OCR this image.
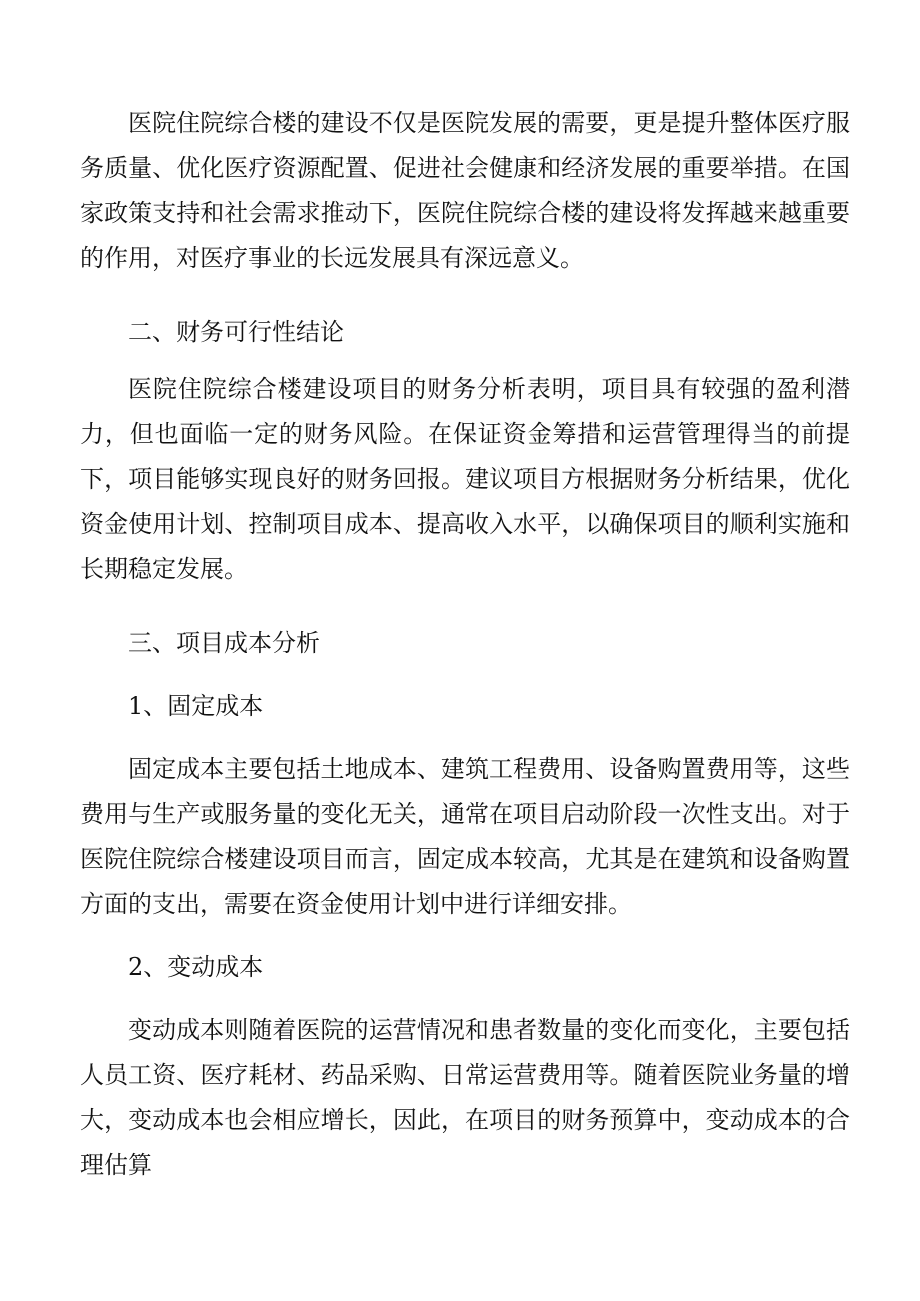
医院住院综合楼的建设不仅是医院发展的需要，更是提升整体医疗服务质量、优化医疗资源配置、促进社会健康和经济发展的重要举措。在国家政策支持和社会需求推动下，医院住院综合楼的建设将发挥越来越重要的作用，对医疗事业的长远发展具有深远意义。

二、财务可行性结论

医院住院综合楼建设项目的财务分析表明，项目具有较强的盈利潜力，但也面临一定的财务风险。在保证资金筹措和运营管理得当的前提下，项目能够实现良好的财务回报。建议项目方根据财务分析结果，优化资金使用计划、控制项目成本、提高收入水平，以确保项目的顺利实施和长期稳定发展。

三、项目成本分析

1、固定成本

固定成本主要包括土地成本、建筑工程费用、设备购置费用等，这些费用与生产或服务量的变化无关，通常在项目启动阶段一次性支出。对于医院住院综合楼建设项目而言，固定成本较高，尤其是在建筑和设备购置方面的支出，需要在资金使用计划中进行详细安排。

2、变动成本

变动成本则随着医院的运营情况和患者数量的变化而变化，主要包括人员工资、医疗耗材、药品采购、日常运营费用等。随着医院业务量的增大，变动成本也会相应增长，因此，在项目的财务预算中，变动成本的合理估算
